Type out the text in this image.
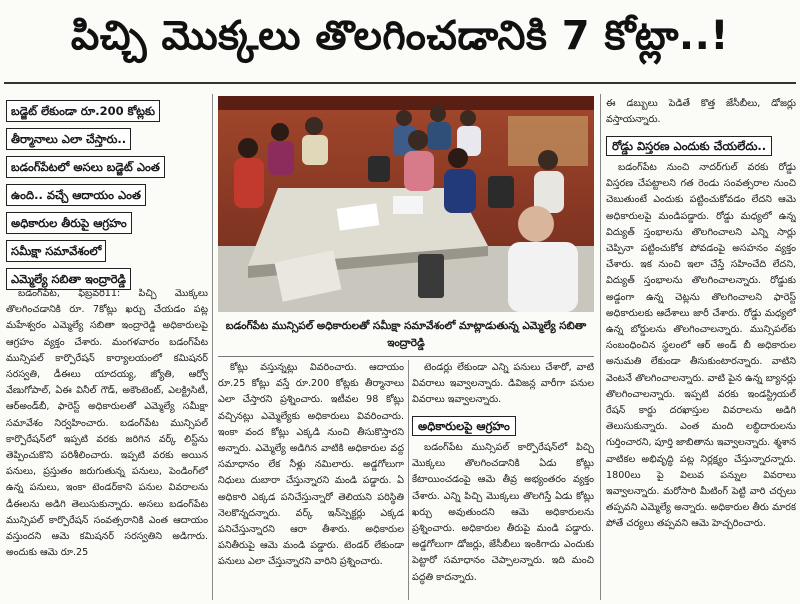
పిచ్చి మొక్కలు తొలగించడానికి 7 కోట్లా..!
బడ్జెట్ లేకుండా రూ.200 కోట్లకు
తీర్మానాలు ఎలా చేస్తారు..
బడంగ్‌పేటలో అసలు బడ్జెట్ ఎంత
ఉంది.. వచ్చే ఆదాయం ఎంత
అధికారుల తీరుపై ఆగ్రహం
సమీక్షా సమావేశంలో
ఎమ్మెల్యే సబితా ఇంద్రారెడ్డి

బడంగ్‌పేట, ఫిబ్రవరి11: పిచ్చి మొక్కలు తొలగించడానికి రూ. 7కోట్లు ఖర్చు చేయడం పట్ల మహేశ్వరం ఎమ్మెల్యే సబితా ఇంద్రారెడ్డి అధికారులపై ఆగ్రహం వ్యక్తం చేశారు. మంగళవారం బడంగ్‌పేట మున్సిపల్ కార్పొరేషన్ కార్యాలయంలో కమిషనర్ సరస్వతి, డీఈలు యాదయ్య, జ్యోతి, ఆర్వో వేణుగోపాల్, ఏఈ వినీల్ గౌడ్, అకౌంటెంట్, ఎలక్ట్రిసిటీ, ఆర్‌అండ్‌బీ, ఫారెస్ట్ అధికారులతో ఎమ్మెల్యే సమీక్షా సమావేశం నిర్వహించారు. బడంగ్‌పేట మున్సిపల్ కార్పొరేషన్‌లో ఇప్పటి వరకు జరిగిన వర్క్ లిస్ట్‌ను తెప్పించుకొని పరిశీలించారు. ఇప్పటి వరకు అయిన పనులు, ప్రస్తుతం జరుగుతున్న పనులు, పెండింగ్‌లో ఉన్న పనులు, ఇంకా టెండర్‌కాని పనుల వివరాలను డీఈలను అడిగి తెలుసుకున్నారు. అసలు బడంగ్‌పేట మున్సిపల్ కార్పొరేషన్ సంవత్సరానికి ఎంత ఆదాయం వస్తుందని ఆమె కమిషనర్ సరస్వతిని అడిగారు. అందుకు ఆమె రూ.25

బడంగ్‌పేట మున్సిపల్ అధికారులతో సమీక్షా సమావేశంలో మాట్లాడుతున్న ఎమ్మెల్యే సబితా ఇంద్రారెడ్డి

కోట్లు వస్తున్నట్లు వివరించారు. ఆదాయం రూ.25 కోట్లు వస్తే రూ.200 కోట్లకు తీర్మానాలు ఎలా చేస్తారని ప్రశ్నించారు. ఇటీవల 98 కోట్లు వచ్చినట్లు ఎమ్మెల్యేకు అధికారులు వివరించారు. ఇంకా వంద కోట్లు ఎక్కడి నుంచి తీసుకొస్తారని అన్నారు. ఎమ్మెల్యే అడిగిన వాటికి అధికారుల వద్ద సమాధానం లేక నీళ్లు నమిలారు. అడ్డగోలుగా నిధులు దుబారా చేస్తున్నారని మండి పడ్డారు. ఏ అధికారి ఎక్కడ పనిచేస్తున్నారో తెలియని పరిస్థితి నెలకొన్నదన్నారు. వర్క్ ఇన్‌స్పెక్టర్లు ఎక్కడ పనిచేస్తున్నారని ఆరా తీశారు. అధికారుల పనితీరుపై ఆమె మండి పడ్డారు. టెండర్ లేకుండా పనులు ఎలా చేస్తున్నారని వారిని ప్రశ్నించారు.

టెండర్లు లేకుండా ఎన్ని పనులు చేశారో, వాటి వివరాలు ఇవ్వాలన్నారు. డివిజన్ల వారీగా పనుల వివరాలు ఇవ్వాలన్నారు.

అధికారులపై ఆగ్రహం

బడంగ్‌పేట మున్సిపల్ కార్పొరేషన్‌లో పిచ్చి మొక్కలు తొలగించడానికి ఏడు కోట్లు కేటాయించడంపై ఆమె తీవ్ర అభ్యంతరం వ్యక్తం చేశారు. ఎన్ని పిచ్చి మొక్కలు తొలగిస్తే ఏడు కోట్లు ఖర్చు అవుతుందని ఆమె అధికారులను ప్రశ్నించారు. అధికారుల తీరుపై మండి పడ్డారు. అడ్డగోలుగా డోజర్లు, జేసీబీలు ఇంకిగాదు ఎందుకు పెట్టారో సమాధానం చెప్పాలన్నారు. ఇది మంచి పద్ధతి కాదన్నారు.

ఈ డబ్బులు పెడితే కొత్త జేసీబీలు, డోజర్లు వస్తాయన్నారు.

రోడ్డు విస్తరణ ఎందుకు చేయలేదు..

బడంగ్‌పేట నుంచి నాదర్‌గుల్ వరకు రోడ్డు విస్తరణ చేపట్టాలని గత రెండు సంవత్సరాల నుంచి చెబుతుంటే ఎందుకు పట్టించుకోవడం లేదని ఆమె అధికారులపై మండిపడ్డారు. రోడ్డు మధ్యలో ఉన్న విద్యుత్ స్తంభాలను తొలగించాలని ఎన్ని సార్లు చెప్పినా పట్టించుకోక పోవడంపై అసహనం వ్యక్తం చేశారు. ఇక నుంచి ఇలా చేస్తే సహించేది లేదని, విద్యుత్ స్తంభాలను తొలగించాలన్నారు. రోడ్డుకు అడ్డంగా ఉన్న చెట్లను తొలగించాలని ఫారెస్ట్ అధికారులకు ఆదేశాలు జారీ చేశారు. రోడ్డు మధ్యలో ఉన్న బోర్డులను తొలగించాలన్నారు. మున్సిపల్‌కు సంబంధించిన స్థలంలో ఆర్ అండ్ బీ అధికారుల అనుమతి లేకుండా తీసుకుంటారన్నారు. వాటిని వెంటనే తొలగించాలన్నారు. వాటి పైన ఉన్న బ్యానర్లు తొలగించాలన్నారు. ఇప్పటి వరకు ఇండస్ట్రియల్ రేషన్ కార్డు దరఖాస్తుల వివరాలను అడిగి తెలుసుకున్నారు. ఎంత మంది లబ్ధిదారులను గుర్తించారని, పూర్తి జాబితాను ఇవ్వాలన్నారు. శ్మశాన వాటికల అభివృద్ధి పట్ల నిర్లక్ష్యం చేస్తున్నారన్నారు. 1800లు పై విలువ పన్నుల వివరాలు ఇవ్వాలన్నారు. మరోసారి మీటింగ్ పెట్టి వారి చర్చలు తప్పవని ఎమ్మెల్యే అన్నారు. అధికారుల తీరు మారక పోతే చర్యలు తప్పవని ఆమె హెచ్చరించారు.
